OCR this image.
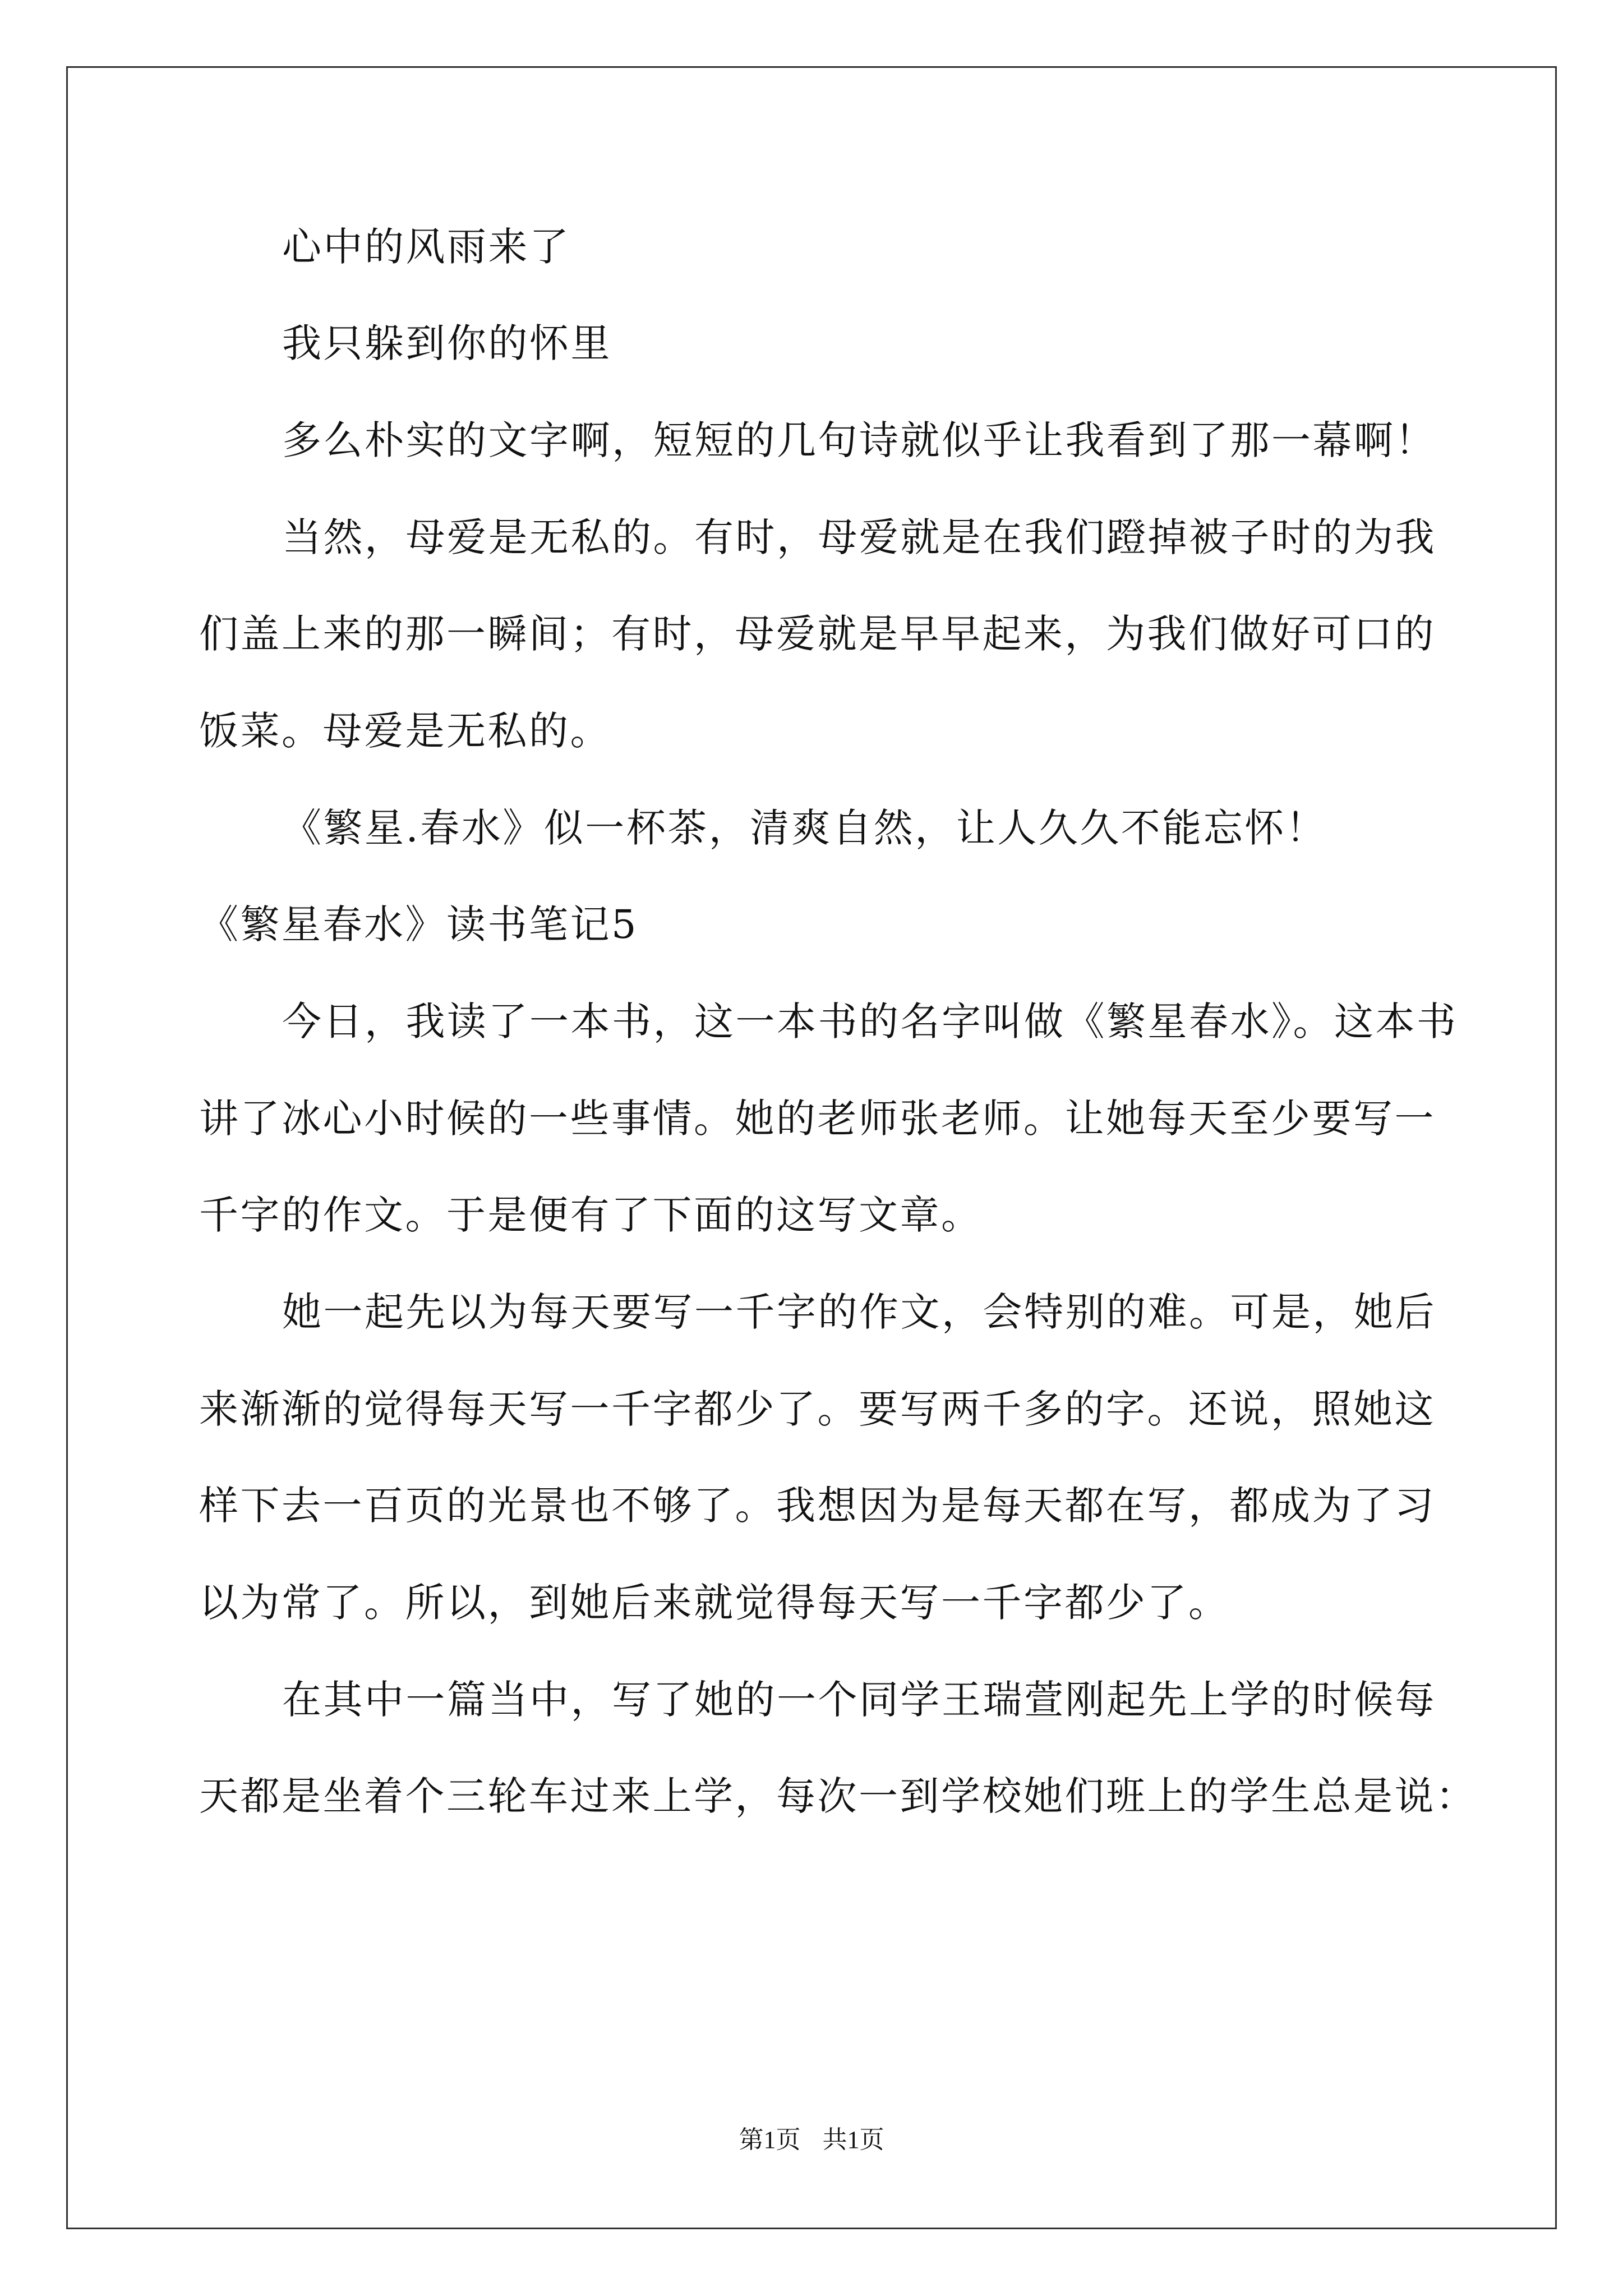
心中的风雨来了
我只躲到你的怀里
多么朴实的文字啊，短短的几句诗就似乎让我看到了那一幕啊！
当然，母爱是无私的。有时，母爱就是在我们蹬掉被子时的为我
们盖上来的那一瞬间；有时，母爱就是早早起来，为我们做好可口的
饭菜。母爱是无私的。
《繁星.春水》似一杯茶，清爽自然，让人久久不能忘怀！
《繁星春水》读书笔记5
今日，我读了一本书，这一本书的名字叫做《繁星春水》。这本书
讲了冰心小时候的一些事情。她的老师张老师。让她每天至少要写一
千字的作文。于是便有了下面的这写文章。
她一起先以为每天要写一千字的作文，会特别的难。可是，她后
来渐渐的觉得每天写一千字都少了。要写两千多的字。还说，照她这
样下去一百页的光景也不够了。我想因为是每天都在写，都成为了习
以为常了。所以，到她后来就觉得每天写一千字都少了。
在其中一篇当中，写了她的一个同学王瑞萱刚起先上学的时候每
天都是坐着个三轮车过来上学，每次一到学校她们班上的学生总是说：
第1页 共1页
